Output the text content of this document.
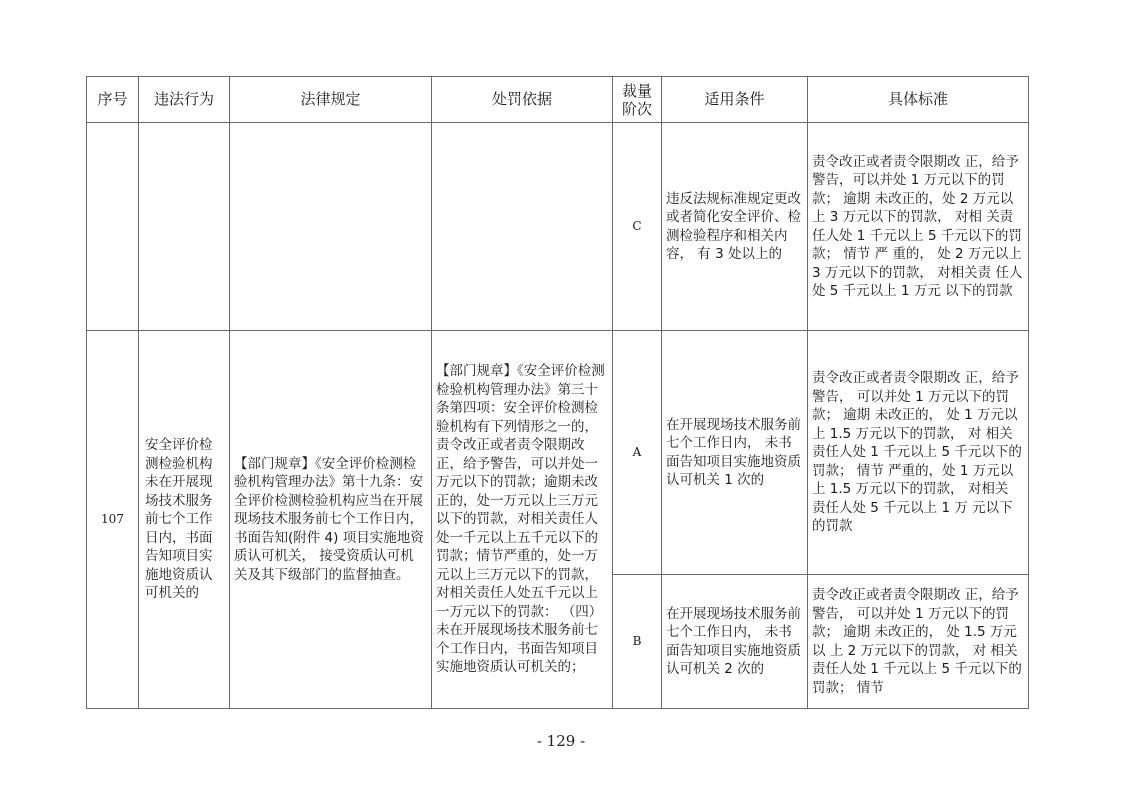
序号	违法行为	法律规定	处罚依据	裁量阶次	适用条件	具体标准
				C	违反法规标准规定更改或者简化安全评价、检测检验程序和相关内容， 有 3 处以上的	责令改正或者责令限期改 正，给予警告，可以并处 1 万元以下的罚款； 逾期 未改正的，处 2 万元以上 3 万元以下的罚款， 对相 关责任人处 1 千元以上 5 千元以下的罚款； 情节 严 重的， 处 2 万元以上 3 万元以下的罚款， 对相关责 任人处 5 千元以上 1 万元 以下的罚款
107	安全评价检测检验机构未在开展现场技术服务前七个工作日内，书面告知项目实施地资质认可机关的	【部门规章】《安全评价检测检验机构管理办法》第十九条：安全评价检测检验机构应当在开展现场技术服务前七个工作日内， 书面告知(附件 4) 项目实施地资质认可机关， 接受资质认可机关及其下级部门的监督抽查。	【部门规章】《安全评价检测检验机构管理办法》第三十条第四项：安全评价检测检验机构有下列情形之一的，责令改正或者责令限期改正，给予警告，可以并处一万元以下的罚款；逾期未改正的，处一万元以上三万元以下的罚款，对相关责任人处一千元以上五千元以下的罚款；情节严重的，处一万元以上三万元以下的罚款，对相关责任人处五千元以上一万元以下的罚款： （四）未在开展现场技术服务前七个工作日内，书面告知项目实施地资质认可机关的；	A	在开展现场技术服务前七个工作日内， 未书面告知项目实施地资质认可机关 1 次的	责令改正或者责令限期改 正，给予警告， 可以并处 1 万元以下的罚款； 逾期 未改正的， 处 1 万元以上 1.5 万元以下的罚款， 对 相关责任人处 1 千元以上 5 千元以下的罚款； 情节 严重的，处 1 万元以上 1.5 万元以下的罚款， 对相关 责任人处 5 千元以上 1 万 元以下的罚款
				B	在开展现场技术服务前七个工作日内， 未书面告知项目实施地资质认可机关 2 次的	责令改正或者责令限期改 正，给予警告， 可以并处 1 万元以下的罚款； 逾期 未改正的， 处 1.5 万元以 上 2 万元以下的罚款， 对 相关责任人处 1 千元以上 5 千元以下的罚款； 情节
- 129 -
